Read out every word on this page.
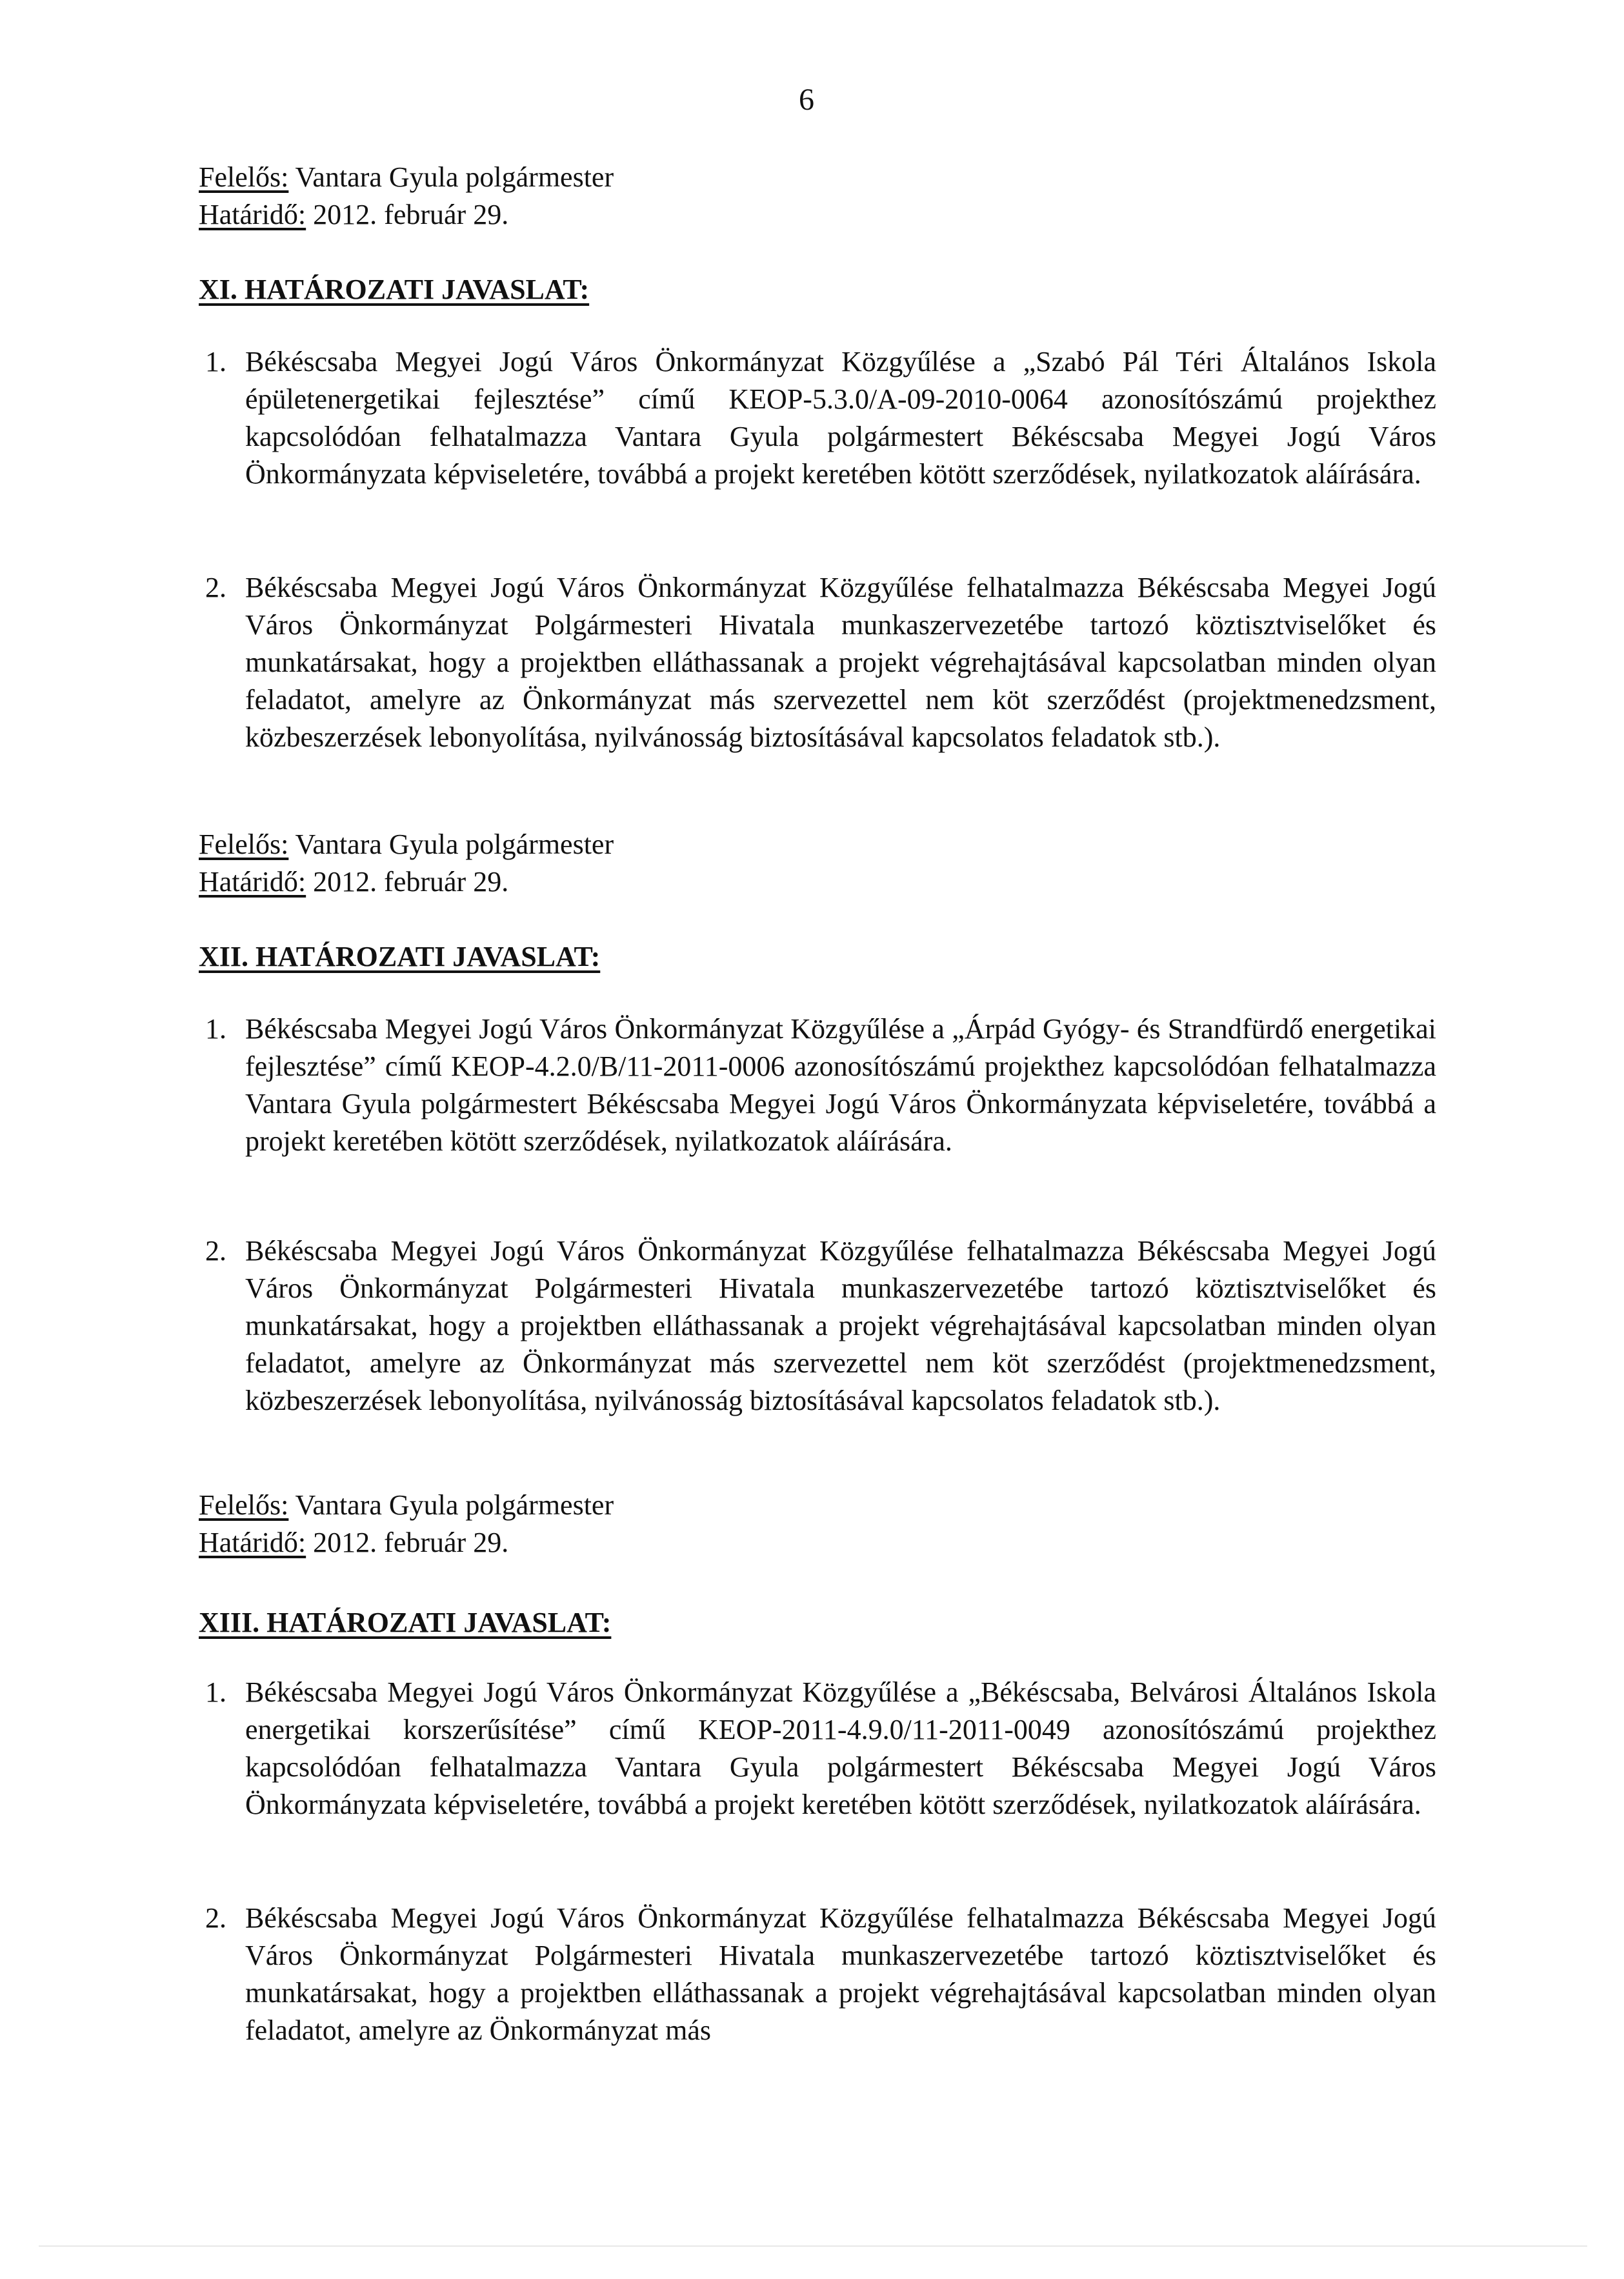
6
Felelős: Vantara Gyula polgármester
Határidő: 2012. február 29.
XI. HATÁROZATI JAVASLAT:
1. Békéscsaba Megyei Jogú Város Önkormányzat Közgyűlése a „Szabó Pál Téri Általános Iskola épületenergetikai fejlesztése” című KEOP-5.3.0/A-09-2010-0064 azonosítószámú projekthez kapcsolódóan felhatalmazza Vantara Gyula polgármestert Békéscsaba Megyei Jogú Város Önkormányzata képviseletére, továbbá a projekt keretében kötött szerződések, nyilatkozatok aláírására.
2. Békéscsaba Megyei Jogú Város Önkormányzat Közgyűlése felhatalmazza Békéscsaba Megyei Jogú Város Önkormányzat Polgármesteri Hivatala munkaszervezetébe tartozó köztisztviselőket és munkatársakat, hogy a projektben elláthassanak a projekt végrehajtásával kapcsolatban minden olyan feladatot, amelyre az Önkormányzat más szervezettel nem köt szerződést (projektmenedzsment, közbeszerzések lebonyolítása, nyilvánosság biztosításával kapcsolatos feladatok stb.).
Felelős: Vantara Gyula polgármester
Határidő: 2012. február 29.
XII. HATÁROZATI JAVASLAT:
1. Békéscsaba Megyei Jogú Város Önkormányzat Közgyűlése a „Árpád Gyógy- és Strandfürdő energetikai fejlesztése” című KEOP-4.2.0/B/11-2011-0006 azonosítószámú projekthez kapcsolódóan felhatalmazza Vantara Gyula polgármestert Békéscsaba Megyei Jogú Város Önkormányzata képviseletére, továbbá a projekt keretében kötött szerződések, nyilatkozatok aláírására.
2. Békéscsaba Megyei Jogú Város Önkormányzat Közgyűlése felhatalmazza Békéscsaba Megyei Jogú Város Önkormányzat Polgármesteri Hivatala munkaszervezetébe tartozó köztisztviselőket és munkatársakat, hogy a projektben elláthassanak a projekt végrehajtásával kapcsolatban minden olyan feladatot, amelyre az Önkormányzat más szervezettel nem köt szerződést (projektmenedzsment, közbeszerzések lebonyolítása, nyilvánosság biztosításával kapcsolatos feladatok stb.).
Felelős: Vantara Gyula polgármester
Határidő: 2012. február 29.
XIII. HATÁROZATI JAVASLAT:
1. Békéscsaba Megyei Jogú Város Önkormányzat Közgyűlése a „Békéscsaba, Belvárosi Általános Iskola energetikai korszerűsítése” című KEOP-2011-4.9.0/11-2011-0049 azonosítószámú projekthez kapcsolódóan felhatalmazza Vantara Gyula polgármestert Békéscsaba Megyei Jogú Város Önkormányzata képviseletére, továbbá a projekt keretében kötött szerződések, nyilatkozatok aláírására.
2. Békéscsaba Megyei Jogú Város Önkormányzat Közgyűlése felhatalmazza Békéscsaba Megyei Jogú Város Önkormányzat Polgármesteri Hivatala munkaszervezetébe tartozó köztisztviselőket és munkatársakat, hogy a projektben elláthassanak a projekt végrehajtásával kapcsolatban minden olyan feladatot, amelyre az Önkormányzat más
